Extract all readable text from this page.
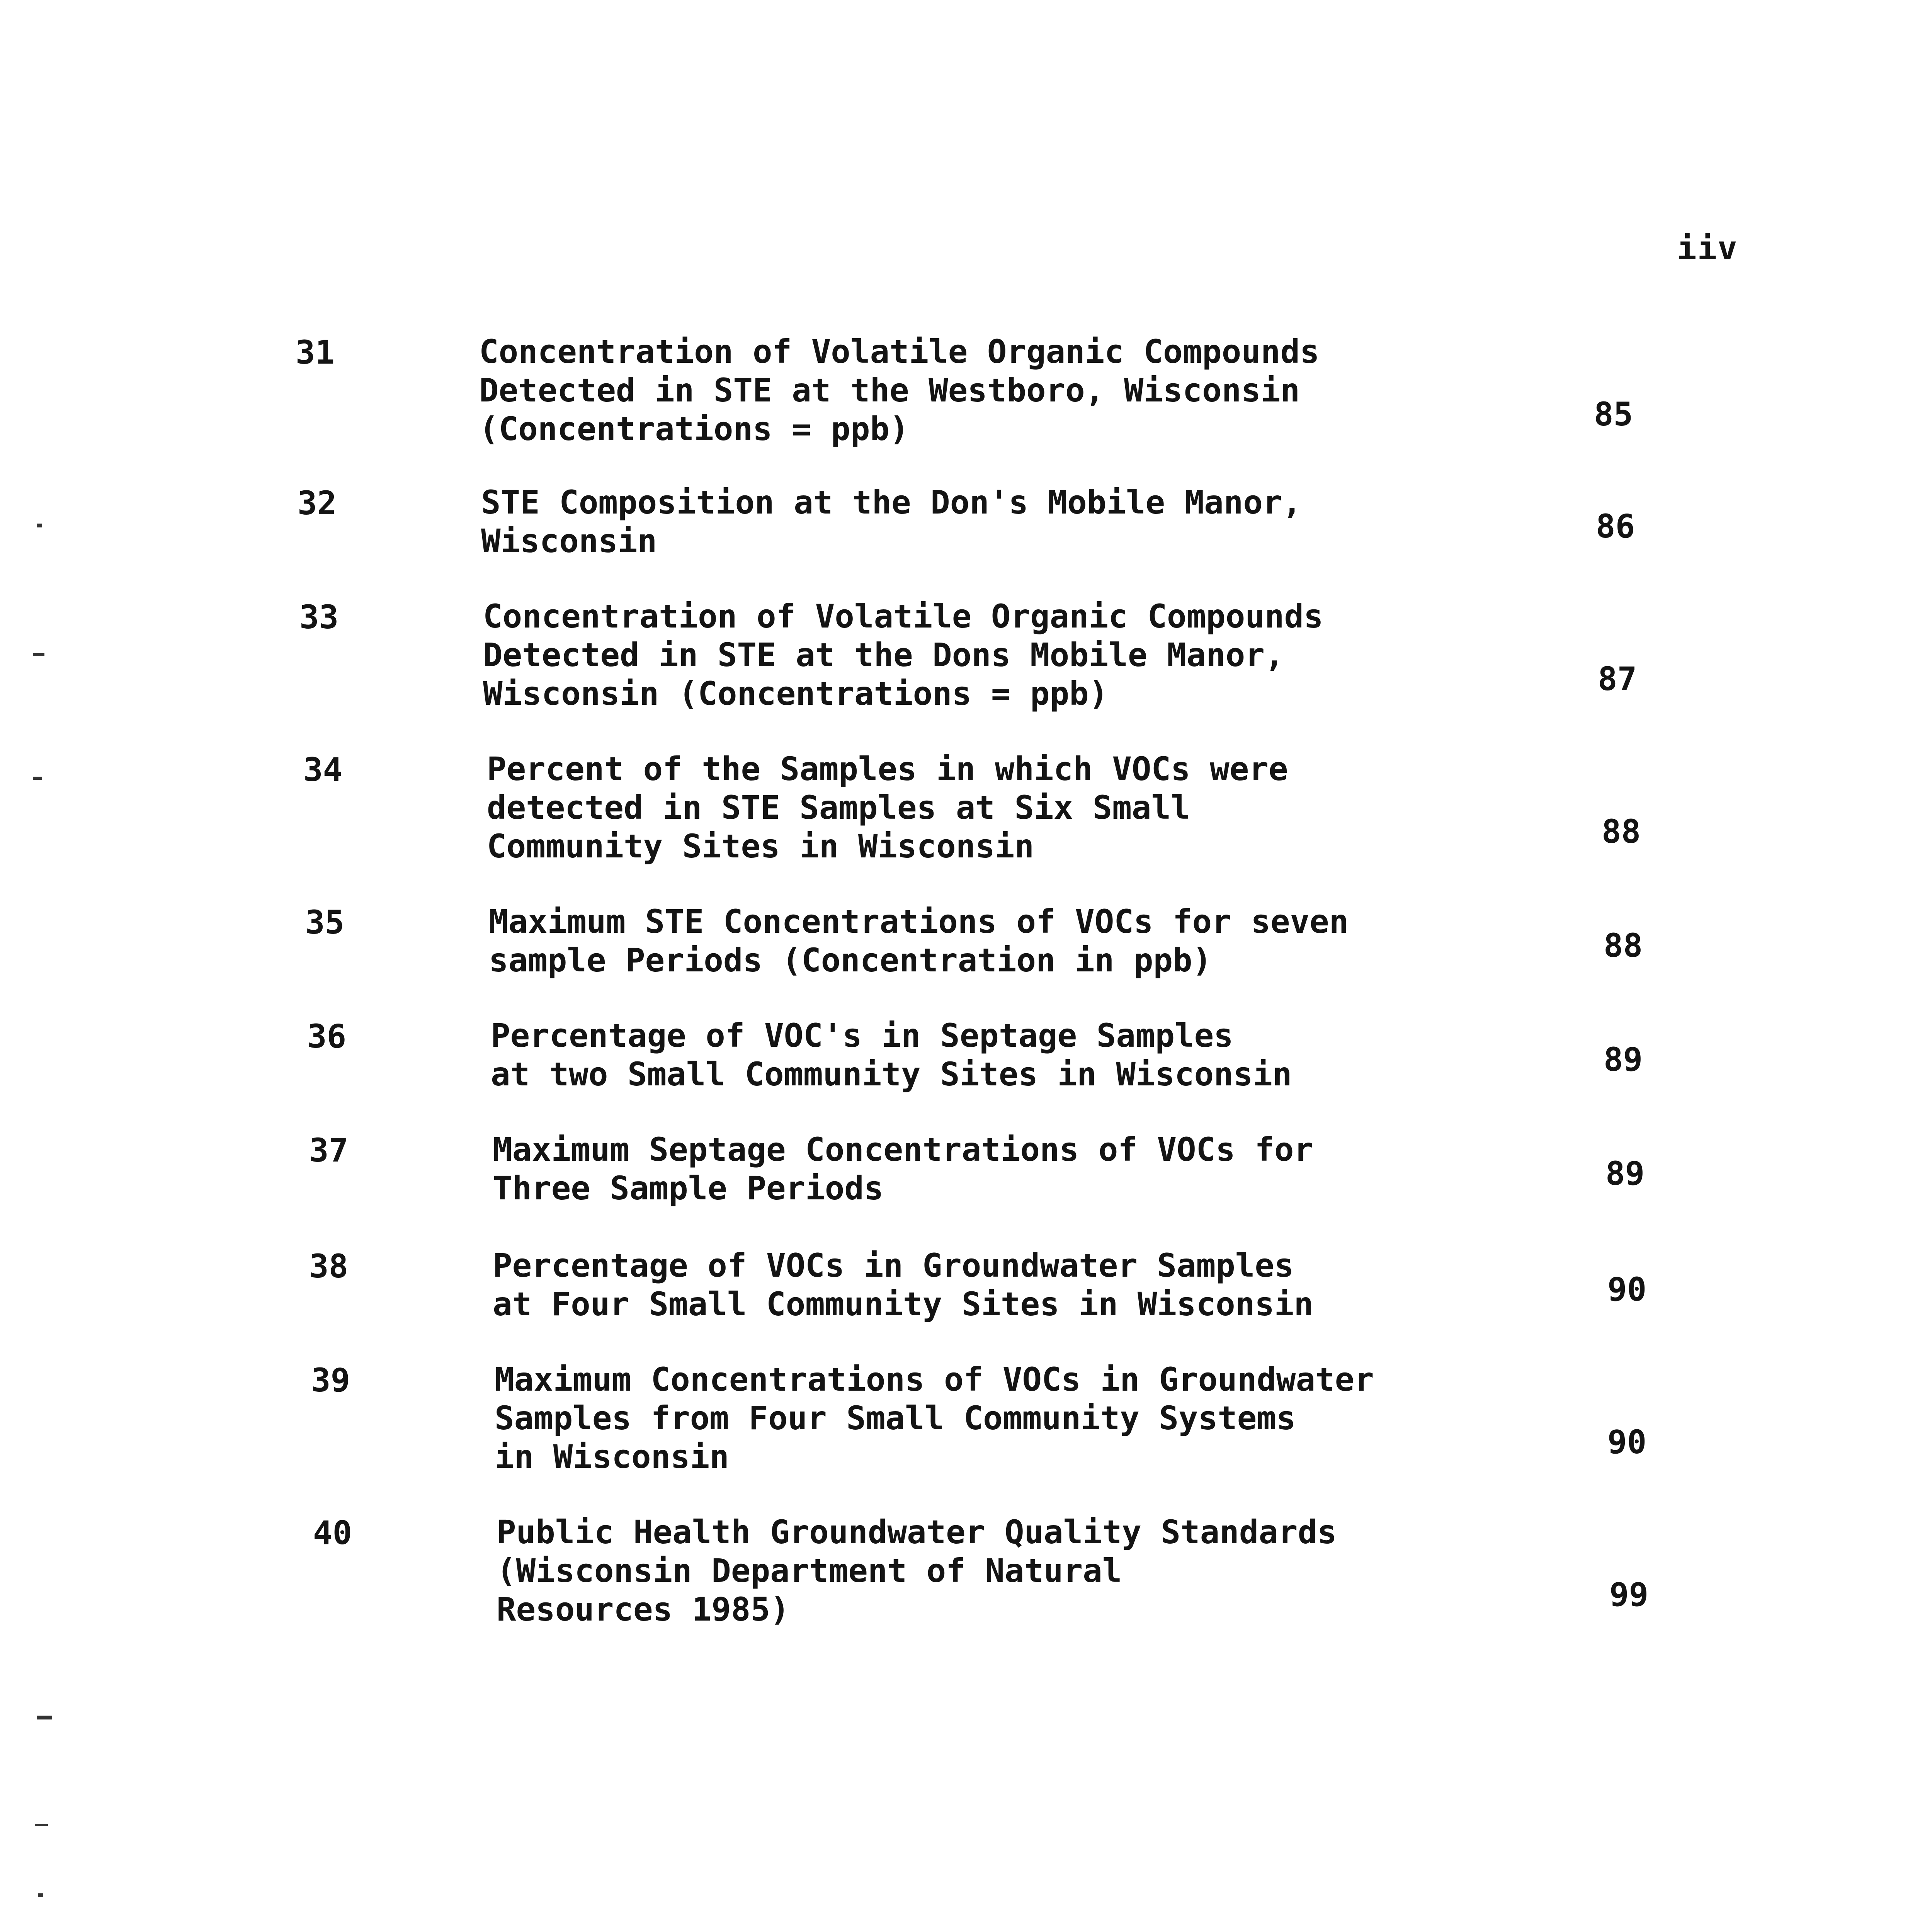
iiv
31	Concentration of Volatile Organic Compounds
Detected in STE at the Westboro, Wisconsin
(Concentrations = ppb)	85
32	STE Composition at the Don's Mobile Manor,
Wisconsin	86
33	Concentration of Volatile Organic Compounds
Detected in STE at the Dons Mobile Manor,
Wisconsin (Concentrations = ppb)	87
34	Percent of the Samples in which VOCs were
detected in STE Samples at Six Small
Community Sites in Wisconsin	88
35	Maximum STE Concentrations of VOCs for seven
sample Periods (Concentration in ppb)	88
36	Percentage of VOC's in Septage Samples
at two Small Community Sites in Wisconsin	89
37	Maximum Septage Concentrations of VOCs for
Three Sample Periods	89
38	Percentage of VOCs in Groundwater Samples
at Four Small Community Sites in Wisconsin	90
39	Maximum Concentrations of VOCs in Groundwater
Samples from Four Small Community Systems
in Wisconsin	90
40	Public Health Groundwater Quality Standards
(Wisconsin Department of Natural
Resources 1985)	99
